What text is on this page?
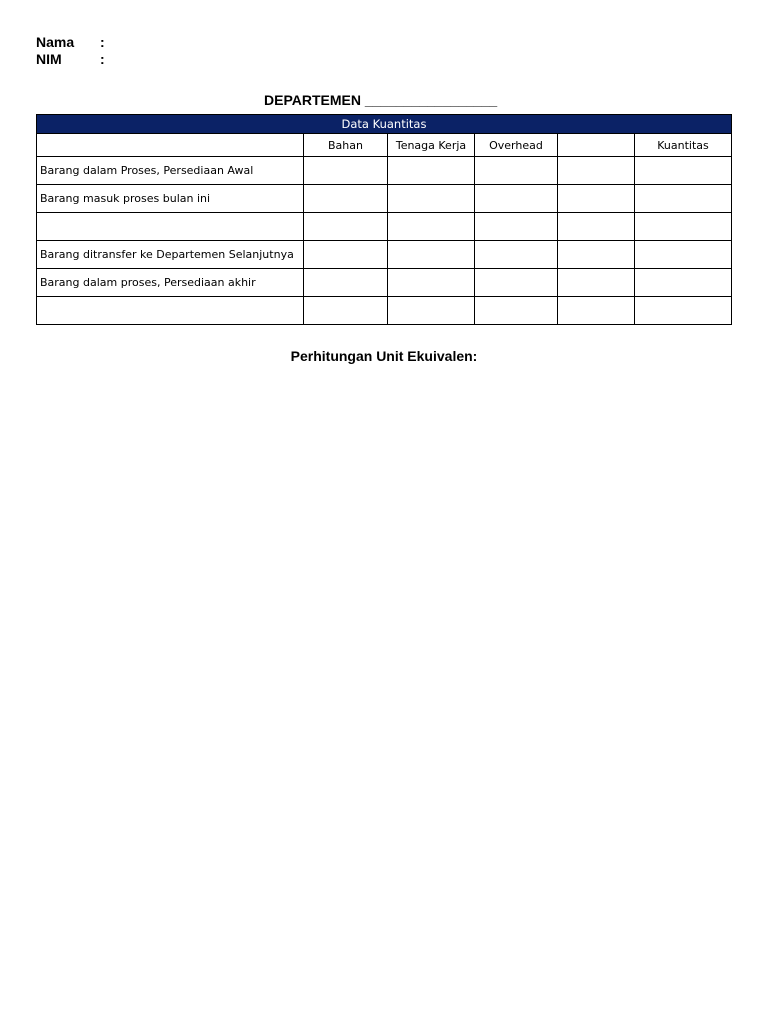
Nama :
NIM	:
DEPARTEMEN _________________
Data Kuantitas					
	Bahan	Tenaga Kerja	Overhead		Kuantitas
Barang dalam Proses, Persediaan Awal					
Barang masuk proses bulan ini					

Barang ditransfer ke Departemen Selanjutnya					
Barang dalam proses, Persediaan akhir					

Perhitungan Unit Ekuivalen:
